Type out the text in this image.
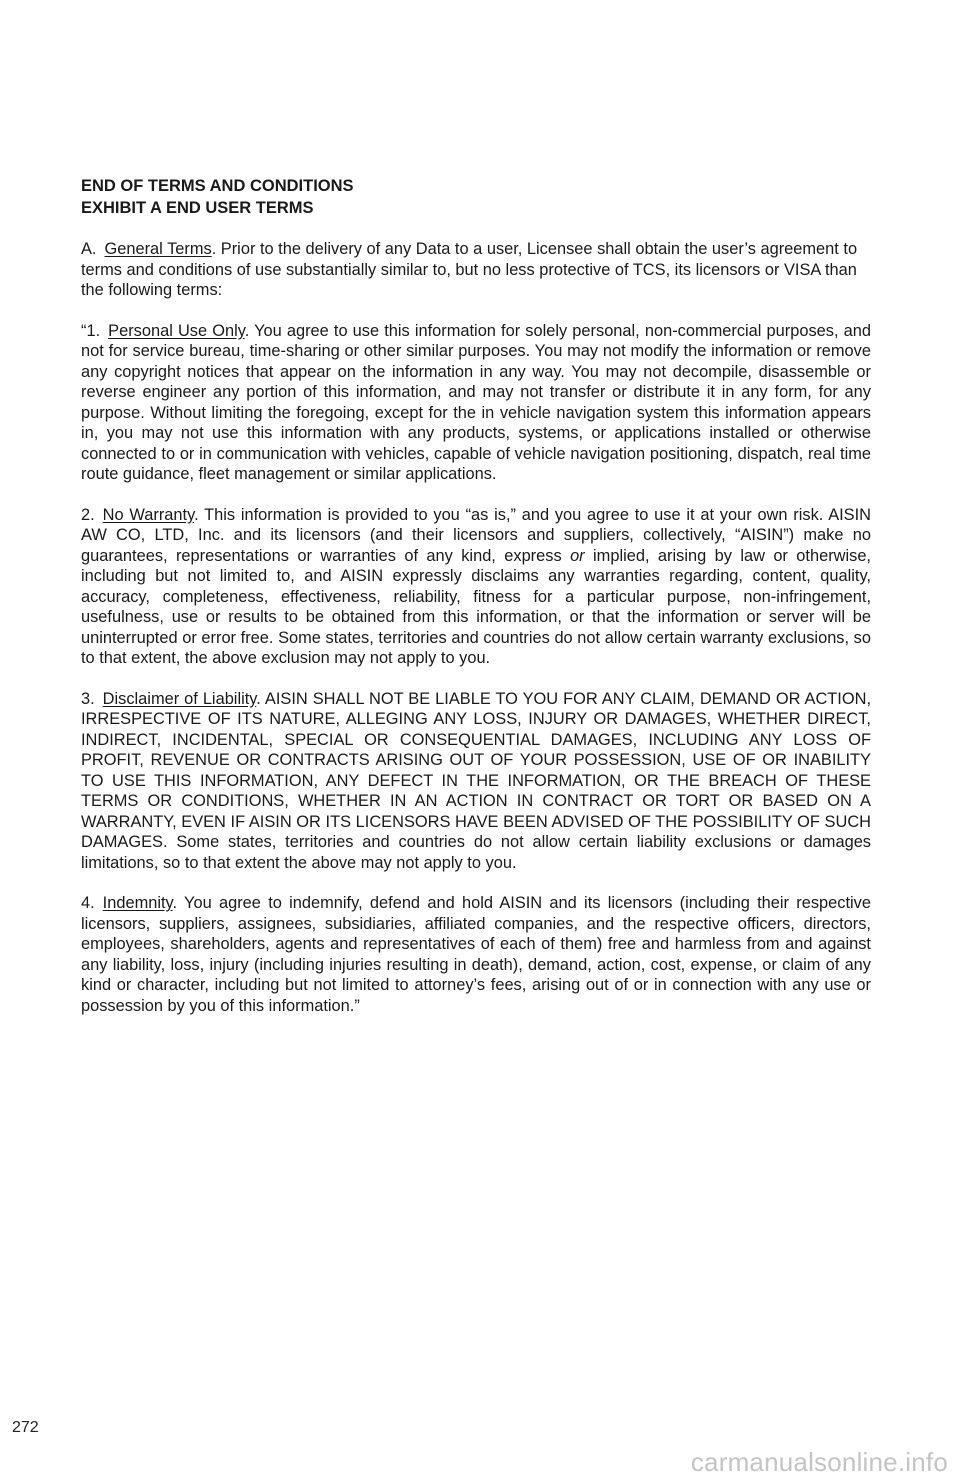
END OF TERMS AND CONDITIONS

EXHIBIT A END USER TERMS

A. General Terms. Prior to the delivery of any Data to a user, Licensee shall obtain the user’s agreement to terms and conditions of use substantially similar to, but no less protective of TCS, its licensors or VISA than the following terms:
“1. Personal Use Only. You agree to use this information for solely personal, non-commercial purposes, and not for service bureau, time-sharing or other similar purposes. You may not modify the information or remove any copyright notices that appear on the information in any way. You may not decompile, disassemble or reverse engineer any portion of this information, and may not transfer or distribute it in any form, for any purpose. Without limiting the foregoing, except for the in vehicle navigation system this information appears in, you may not use this information with any products, systems, or applications installed or otherwise connected to or in communication with vehicles, capable of vehicle navigation positioning, dispatch, real time route guidance, fleet management or similar applications.
2. No Warranty. This information is provided to you “as is,” and you agree to use it at your own risk. AISIN AW CO, LTD, Inc. and its licensors (and their licensors and suppliers, collectively, “AISIN”) make no guarantees, representations or warranties of any kind, express or implied, arising by law or otherwise, including but not limited to, and AISIN expressly disclaims any warranties regarding, content, quality, accuracy, completeness, effectiveness, reliability, fitness for a particular purpose, non-infringement, usefulness, use or results to be obtained from this information, or that the information or server will be uninterrupted or error free. Some states, territories and countries do not allow certain warranty exclusions, so to that extent, the above exclusion may not apply to you.
3. Disclaimer of Liability. AISIN SHALL NOT BE LIABLE TO YOU FOR ANY CLAIM, DEMAND OR ACTION, IRRESPECTIVE OF ITS NATURE, ALLEGING ANY LOSS, INJURY OR DAMAGES, WHETHER DIRECT, INDIRECT, INCIDENTAL, SPECIAL OR CONSEQUENTIAL DAMAGES, INCLUDING ANY LOSS OF PROFIT, REVENUE OR CONTRACTS ARISING OUT OF YOUR POSSESSION, USE OF OR INABILITY TO USE THIS INFORMATION, ANY DEFECT IN THE INFORMATION, OR THE BREACH OF THESE TERMS OR CONDITIONS, WHETHER IN AN ACTION IN CONTRACT OR TORT OR BASED ON A WARRANTY, EVEN IF AISIN OR ITS LICENSORS HAVE BEEN ADVISED OF THE POSSIBILITY OF SUCH DAMAGES. Some states, territories and countries do not allow certain liability exclusions or damages limitations, so to that extent the above may not apply to you.
4. Indemnity. You agree to indemnify, defend and hold AISIN and its licensors (including their respective licensors, suppliers, assignees, subsidiaries, affiliated companies, and the respective officers, directors, employees, shareholders, agents and representatives of each of them) free and harmless from and against any liability, loss, injury (including injuries resulting in death), demand, action, cost, expense, or claim of any kind or character, including but not limited to attorney’s fees, arising out of or in connection with any use or possession by you of this information.”
272
carmanualsonline.info
